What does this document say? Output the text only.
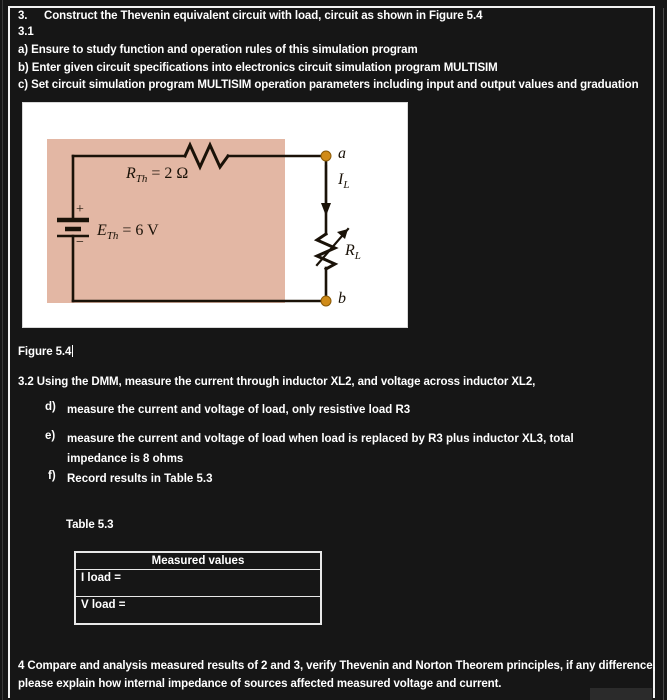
3. Construct the Thevenin equivalent circuit with load, circuit as shown in Figure 5.4
3.1
a) Ensure to study function and operation rules of this simulation program
b) Enter given circuit specifications into electronics circuit simulation program MULTISIM
c) Set circuit simulation program MULTISIM operation parameters including input and output values and graduation
$R_{Th} = 2$ Ω
$E_{Th} = 6$ V
+
−
a
b
$I_L$
$R_L$
Figure 5.4
3.2 Using the DMM, measure the current through inductor XL2, and voltage across inductor XL2,
d) measure the current and voltage of load, only resistive load R3
e) measure the current and voltage of load when load is replaced by R3 plus inductor XL3, total
impedance is 8 ohms
f) Record results in Table 5.3
Table 5.3
Measured values
I load =
V load =
4 Compare and analysis measured results of 2 and 3, verify Thevenin and Norton Theorem principles, if any difference,
please explain how internal impedance of sources affected measured voltage and current.
